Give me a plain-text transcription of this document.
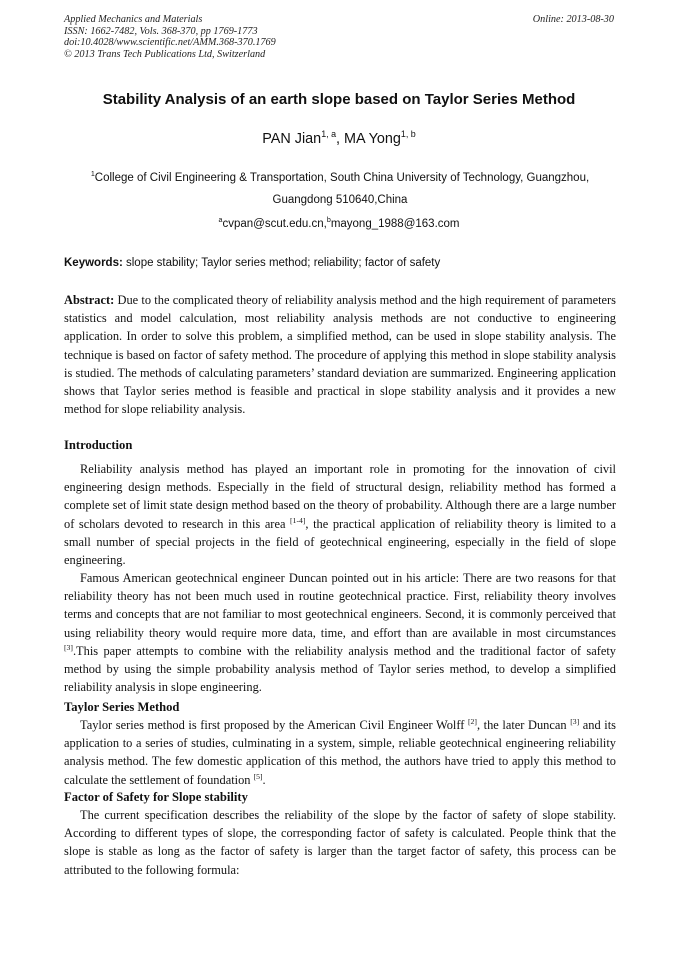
Applied Mechanics and Materials
ISSN: 1662-7482, Vols. 368-370, pp 1769-1773
doi:10.4028/www.scientific.net/AMM.368-370.1769
© 2013 Trans Tech Publications Ltd, Switzerland
Online: 2013-08-30
Stability Analysis of an earth slope based on Taylor Series Method
PAN Jian$^{1, a}$, MA Yong$^{1, b}$
$^1$College of Civil Engineering & Transportation, South China University of Technology, Guangzhou, Guangdong 510640,China
$^a$cvpan@scut.edu.cn,$^b$mayong_1988@163.com
Keywords: slope stability; Taylor series method; reliability; factor of safety
Abstract: Due to the complicated theory of reliability analysis method and the high requirement of parameters statistics and model calculation, most reliability analysis methods are not conductive to engineering application. In order to solve this problem, a simplified method, can be used in slope stability analysis. The technique is based on factor of safety method. The procedure of applying this method in slope stability analysis is studied. The methods of calculating parameters’ standard deviation are summarized. Engineering application shows that Taylor series method is feasible and practical in slope stability analysis and it provides a new method for slope reliability analysis.
Introduction
Reliability analysis method has played an important role in promoting for the innovation of civil engineering design methods. Especially in the field of structural design, reliability method has formed a complete set of limit state design method based on the theory of probability. Although there are a large number of scholars devoted to research in this area [1-4], the practical application of reliability theory is limited to a small number of special projects in the field of geotechnical engineering, especially in the field of slope engineering.
Famous American geotechnical engineer Duncan pointed out in his article: There are two reasons for that reliability theory has not been much used in routine geotechnical practice. First, reliability theory involves terms and concepts that are not familiar to most geotechnical engineers. Second, it is commonly perceived that using reliability theory would require more data, time, and effort than are available in most circumstances [3].This paper attempts to combine with the reliability analysis method and the traditional factor of safety method by using the simple probability analysis method of Taylor series method, to develop a simplified reliability analysis in slope engineering.
Taylor Series Method
Taylor series method is first proposed by the American Civil Engineer Wolff [2], the later Duncan [3] and its application to a series of studies, culminating in a system, simple, reliable geotechnical engineering reliability analysis method. The few domestic application of this method, the authors have tried to apply this method to calculate the settlement of foundation [5].
Factor of Safety for Slope stability
The current specification describes the reliability of the slope by the factor of safety of slope stability. According to different types of slope, the corresponding factor of safety is calculated. People think that the slope is stable as long as the factor of safety is larger than the target factor of safety, this process can be attributed to the following formula:
